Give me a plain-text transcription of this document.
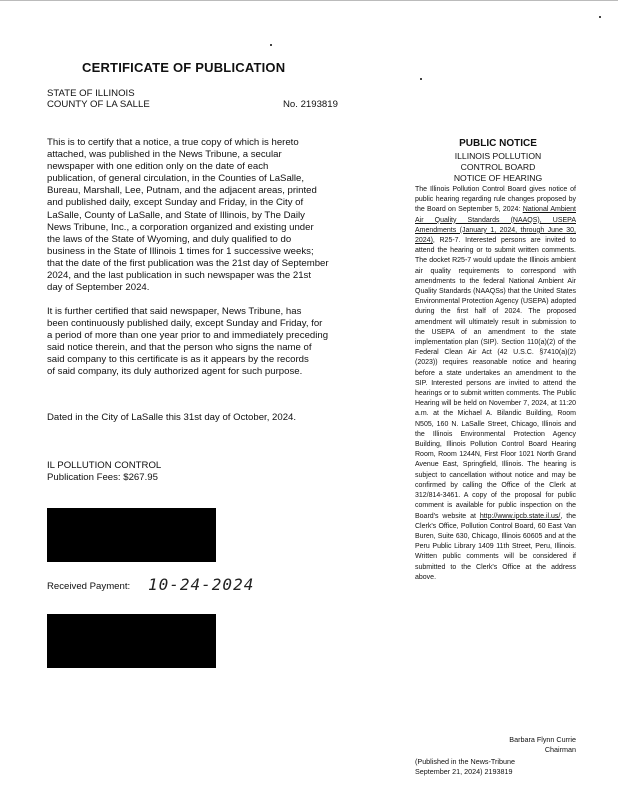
CERTIFICATE OF PUBLICATION
STATE OF ILLINOIS
COUNTY OF LA SALLE	No. 2193819
This is to certify that a notice, a true copy of which is hereto
attached, was published in the News Tribune, a secular
newspaper with one edition only on the date of each
publication, of general circulation, in the Counties of LaSalle,
Bureau, Marshall, Lee, Putnam, and the adjacent areas, printed
and published daily, except Sunday and Friday, in the City of
LaSalle, County of LaSalle, and State of Illinois, by The Daily
News Tribune, Inc., a corporation organized and existing under
the laws of the State of Wyoming, and duly qualified to do
business in the State of Illinois 1 times for 1 successive weeks;
that the date of the first publication was the 21st day of September
2024, and the last publication in such newspaper was the 21st
day of September 2024.
It is further certified that said newspaper, News Tribune, has
been continuously published daily, except Sunday and Friday, for
a period of more than one year prior to and immediately preceding
said notice therein, and that the person who signs the name of
said company to this certificate is as it appears by the records
of said company, its duly authorized agent for such purpose.
Dated in the City of LaSalle this 31st day of October, 2024.
IL POLLUTION CONTROL
Publication Fees: $267.95
Received Payment: 10-24-2024
PUBLIC NOTICE
ILLINOIS POLLUTION
CONTROL BOARD
NOTICE OF HEARING
The Illinois Pollution Control Board gives notice of public hearing regarding rule changes proposed by the Board on September 5, 2024: National Ambient Air Quality Standards (NAAQS), USEPA Amendments (January 1, 2024, through June 30, 2024), R25-7. Interested persons are invited to attend the hearing or to submit written comments. The docket R25-7 would update the Illinois ambient air quality requirements to correspond with amendments to the federal National Ambient Air Quality Standards (NAAQSs) that the United States Environmental Protection Agency (USEPA) adopted during the first half of 2024. The proposed amendment will ultimately result in submission to the USEPA of an amendment to the state implementation plan (SIP). Section 110(a)(2) of the Federal Clean Air Act (42 U.S.C. §7410(a)(2) (2023)) requires reasonable notice and hearing before a state undertakes an amendment to the SIP. Interested persons are invited to attend the hearings or to submit written comments. The Public Hearing will be held on November 7, 2024, at 11:20 a.m. at the Michael A. Bilandic Building, Room N505, 160 N. LaSalle Street, Chicago, Illinois and the Illinois Environmental Protection Agency Building, Illinois Pollution Control Board Hearing Room, Room 1244N, First Floor 1021 North Grand Avenue East, Springfield, Illinois. The hearing is subject to cancellation without notice and may be confirmed by calling the Office of the Clerk at 312/814-3461. A copy of the proposal for public comment is available for public inspection on the Board's website at http://www.ipcb.state.il.us/, the Clerk's Office, Pollution Control Board, 60 East Van Buren, Suite 630, Chicago, Illinois 60605 and at the Peru Public Library 1409 11th Street, Peru, Illinois. Written public comments will be considered if submitted to the Clerk's Office at the address above.
Barbara Flynn Currie
Chairman
(Published in the News-Tribune
September 21, 2024) 2193819
